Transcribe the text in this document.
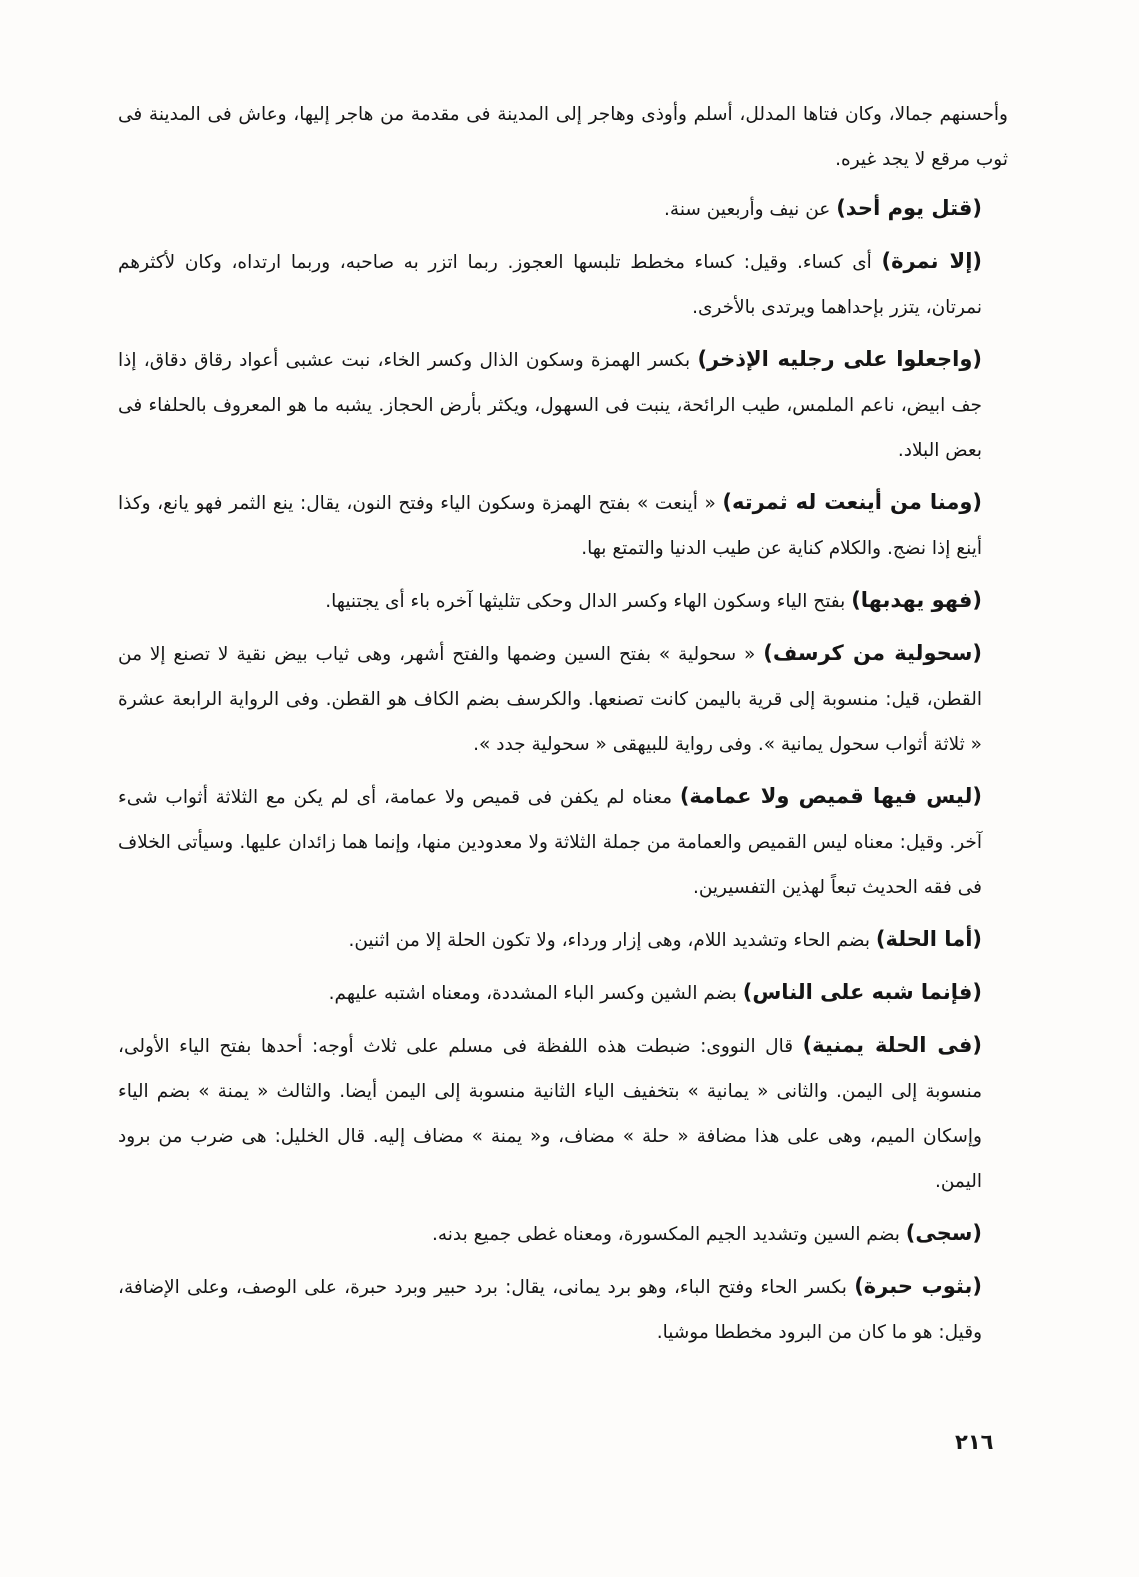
وأحسنهم جمالا، وكان فتاها المدلل، أسلم وأوذى وهاجر إلى المدينة فى مقدمة من هاجر إليها، وعاش فى المدينة فى ثوب مرقع لا يجد غيره.

(قتل يوم أحد) عن نيف وأربعين سنة.

(إلا نمرة) أى كساء. وقيل: كساء مخطط تلبسها العجوز. ربما اتزر به صاحبه، وربما ارتداه، وكان لأكثرهم نمرتان، يتزر بإحداهما ويرتدى بالأخرى.

(واجعلوا على رجليه الإذخر) بكسر الهمزة وسكون الذال وكسر الخاء، نبت عشبى أعواد رقاق دقاق، إذا جف ابيض، ناعم الملمس، طيب الرائحة، ينبت فى السهول، ويكثر بأرض الحجاز. يشبه ما هو المعروف بالحلفاء فى بعض البلاد.

(ومنا من أينعت له ثمرته) « أينعت » بفتح الهمزة وسكون الياء وفتح النون، يقال: ينع الثمر فهو يانع، وكذا أينع إذا نضج. والكلام كناية عن طيب الدنيا والتمتع بها.

(فهو يهدبها) بفتح الياء وسكون الهاء وكسر الدال وحكى تثليثها آخره باء أى يجتنيها.

(سحولية من كرسف) « سحولية » بفتح السين وضمها والفتح أشهر، وهى ثياب بيض نقية لا تصنع إلا من القطن، قيل: منسوبة إلى قرية باليمن كانت تصنعها. والكرسف بضم الكاف هو القطن. وفى الرواية الرابعة عشرة « ثلاثة أثواب سحول يمانية ». وفى رواية للبيهقى « سحولية جدد ».

(ليس فيها قميص ولا عمامة) معناه لم يكفن فى قميص ولا عمامة، أى لم يكن مع الثلاثة أثواب شىء آخر. وقيل: معناه ليس القميص والعمامة من جملة الثلاثة ولا معدودين منها، وإنما هما زائدان عليها. وسيأتى الخلاف فى فقه الحديث تبعاً لهذين التفسيرين.

(أما الحلة) بضم الحاء وتشديد اللام، وهى إزار ورداء، ولا تكون الحلة إلا من اثنين.

(فإنما شبه على الناس) بضم الشين وكسر الباء المشددة، ومعناه اشتبه عليهم.

(فى الحلة يمنية) قال النووى: ضبطت هذه اللفظة فى مسلم على ثلاث أوجه: أحدها بفتح الياء الأولى، منسوبة إلى اليمن. والثانى « يمانية » بتخفيف الياء الثانية منسوبة إلى اليمن أيضا. والثالث « يمنة » بضم الياء وإسكان الميم، وهى على هذا مضافة « حلة » مضاف، و« يمنة » مضاف إليه. قال الخليل: هى ضرب من برود اليمن.

(سجى) بضم السين وتشديد الجيم المكسورة، ومعناه غطى جميع بدنه.

(بثوب حبرة) بكسر الحاء وفتح الباء، وهو برد يمانى، يقال: برد حبير وبرد حبرة، على الوصف، وعلى الإضافة، وقيل: هو ما كان من البرود مخططا موشيا.

٢١٦
